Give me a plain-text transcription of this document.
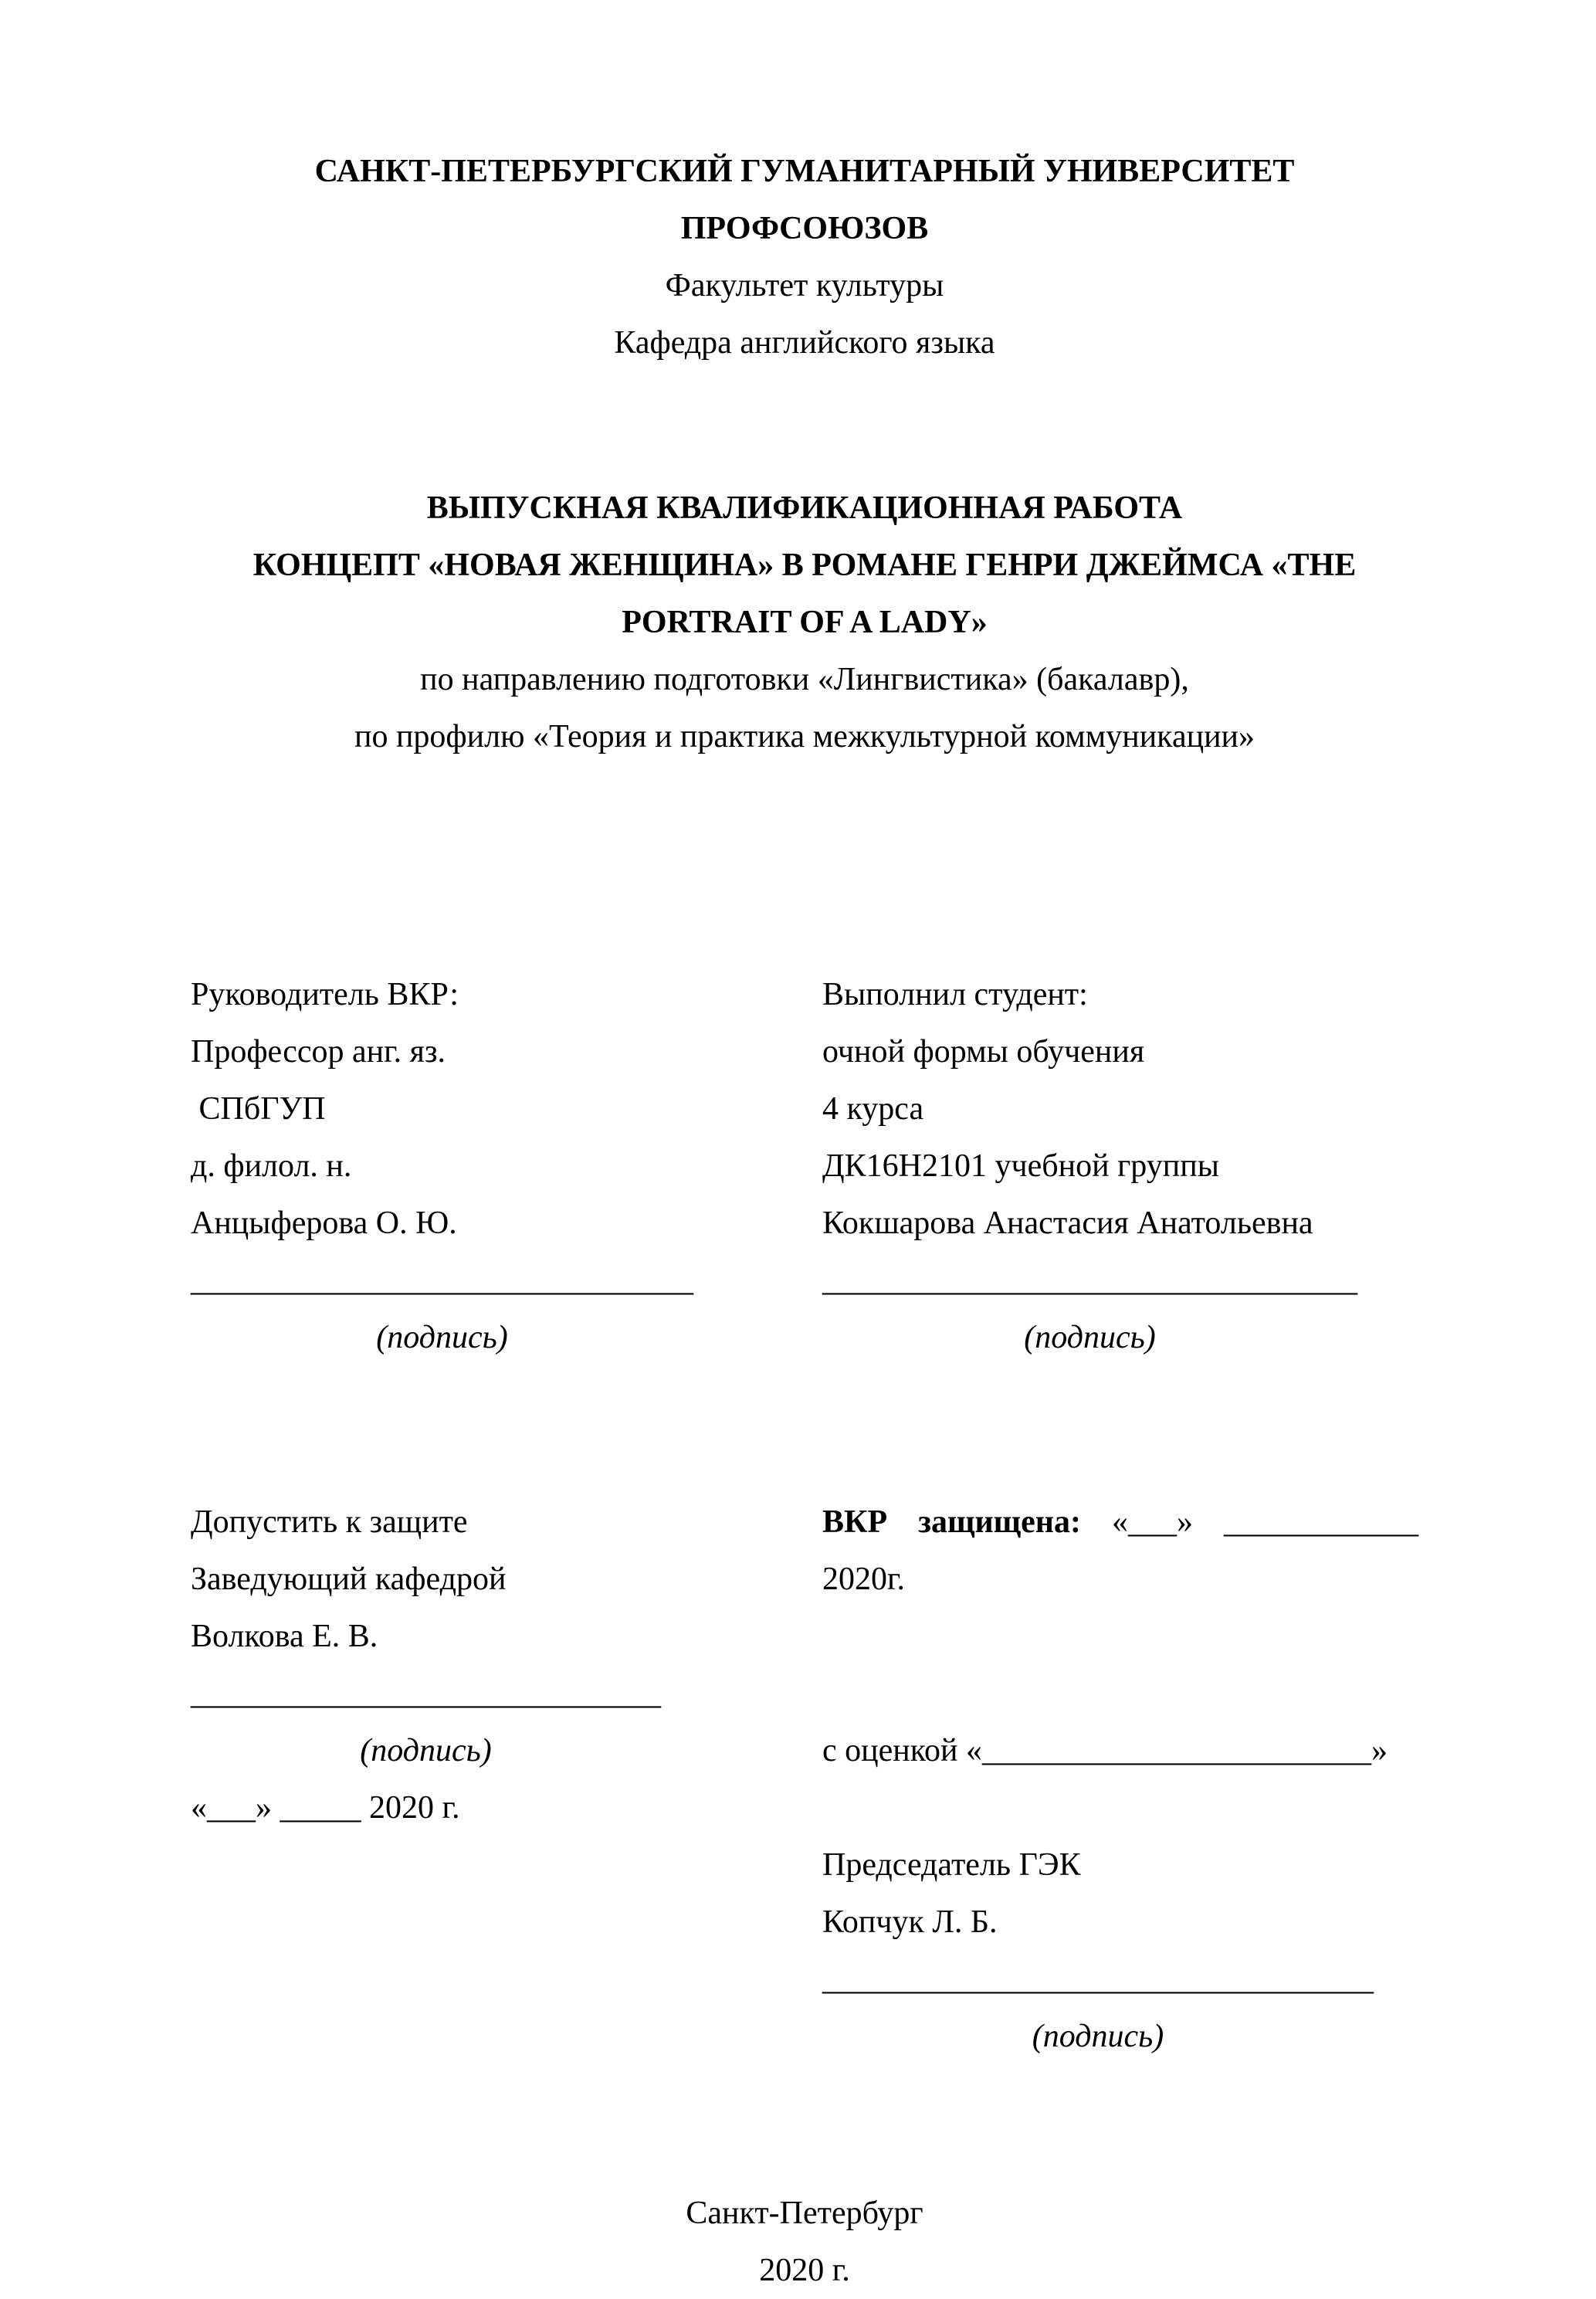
САНКТ-ПЕТЕРБУРГСКИЙ ГУМАНИТАРНЫЙ УНИВЕРСИТЕТ ПРОФСОЮЗОВ
Факультет культуры
Кафедра английского языка
ВЫПУСКНАЯ КВАЛИФИКАЦИОННАЯ РАБОТА
КОНЦЕПТ «НОВАЯ ЖЕНЩИНА» В РОМАНЕ ГЕНРИ ДЖЕЙМСА «THE PORTRAIT OF A LADY»
по направлению подготовки «Лингвистика» (бакалавр),
по профилю «Теория и практика межкультурной коммуникации»
Руководитель ВКР:
Профессор анг. яз.
СПбГУП
д. филол. н.
Анцыферова О. Ю.
_______________________________
(подпись)
Выполнил студент:
очной формы обучения
4 курса
ДК16Н2101 учебной группы
Кокшарова Анастасия Анатольевна
_________________________________
(подпись)
Допустить к защите
Заведующий кафедрой
Волкова Е. В.
_____________________________
(подпись)
«___» _____ 2020 г.
ВКР защищена: «___» ____________
2020г.

с оценкой «________________________»

Председатель ГЭК
Копчук Л. Б.
__________________________________
(подпись)
Санкт-Петербург
2020 г.
